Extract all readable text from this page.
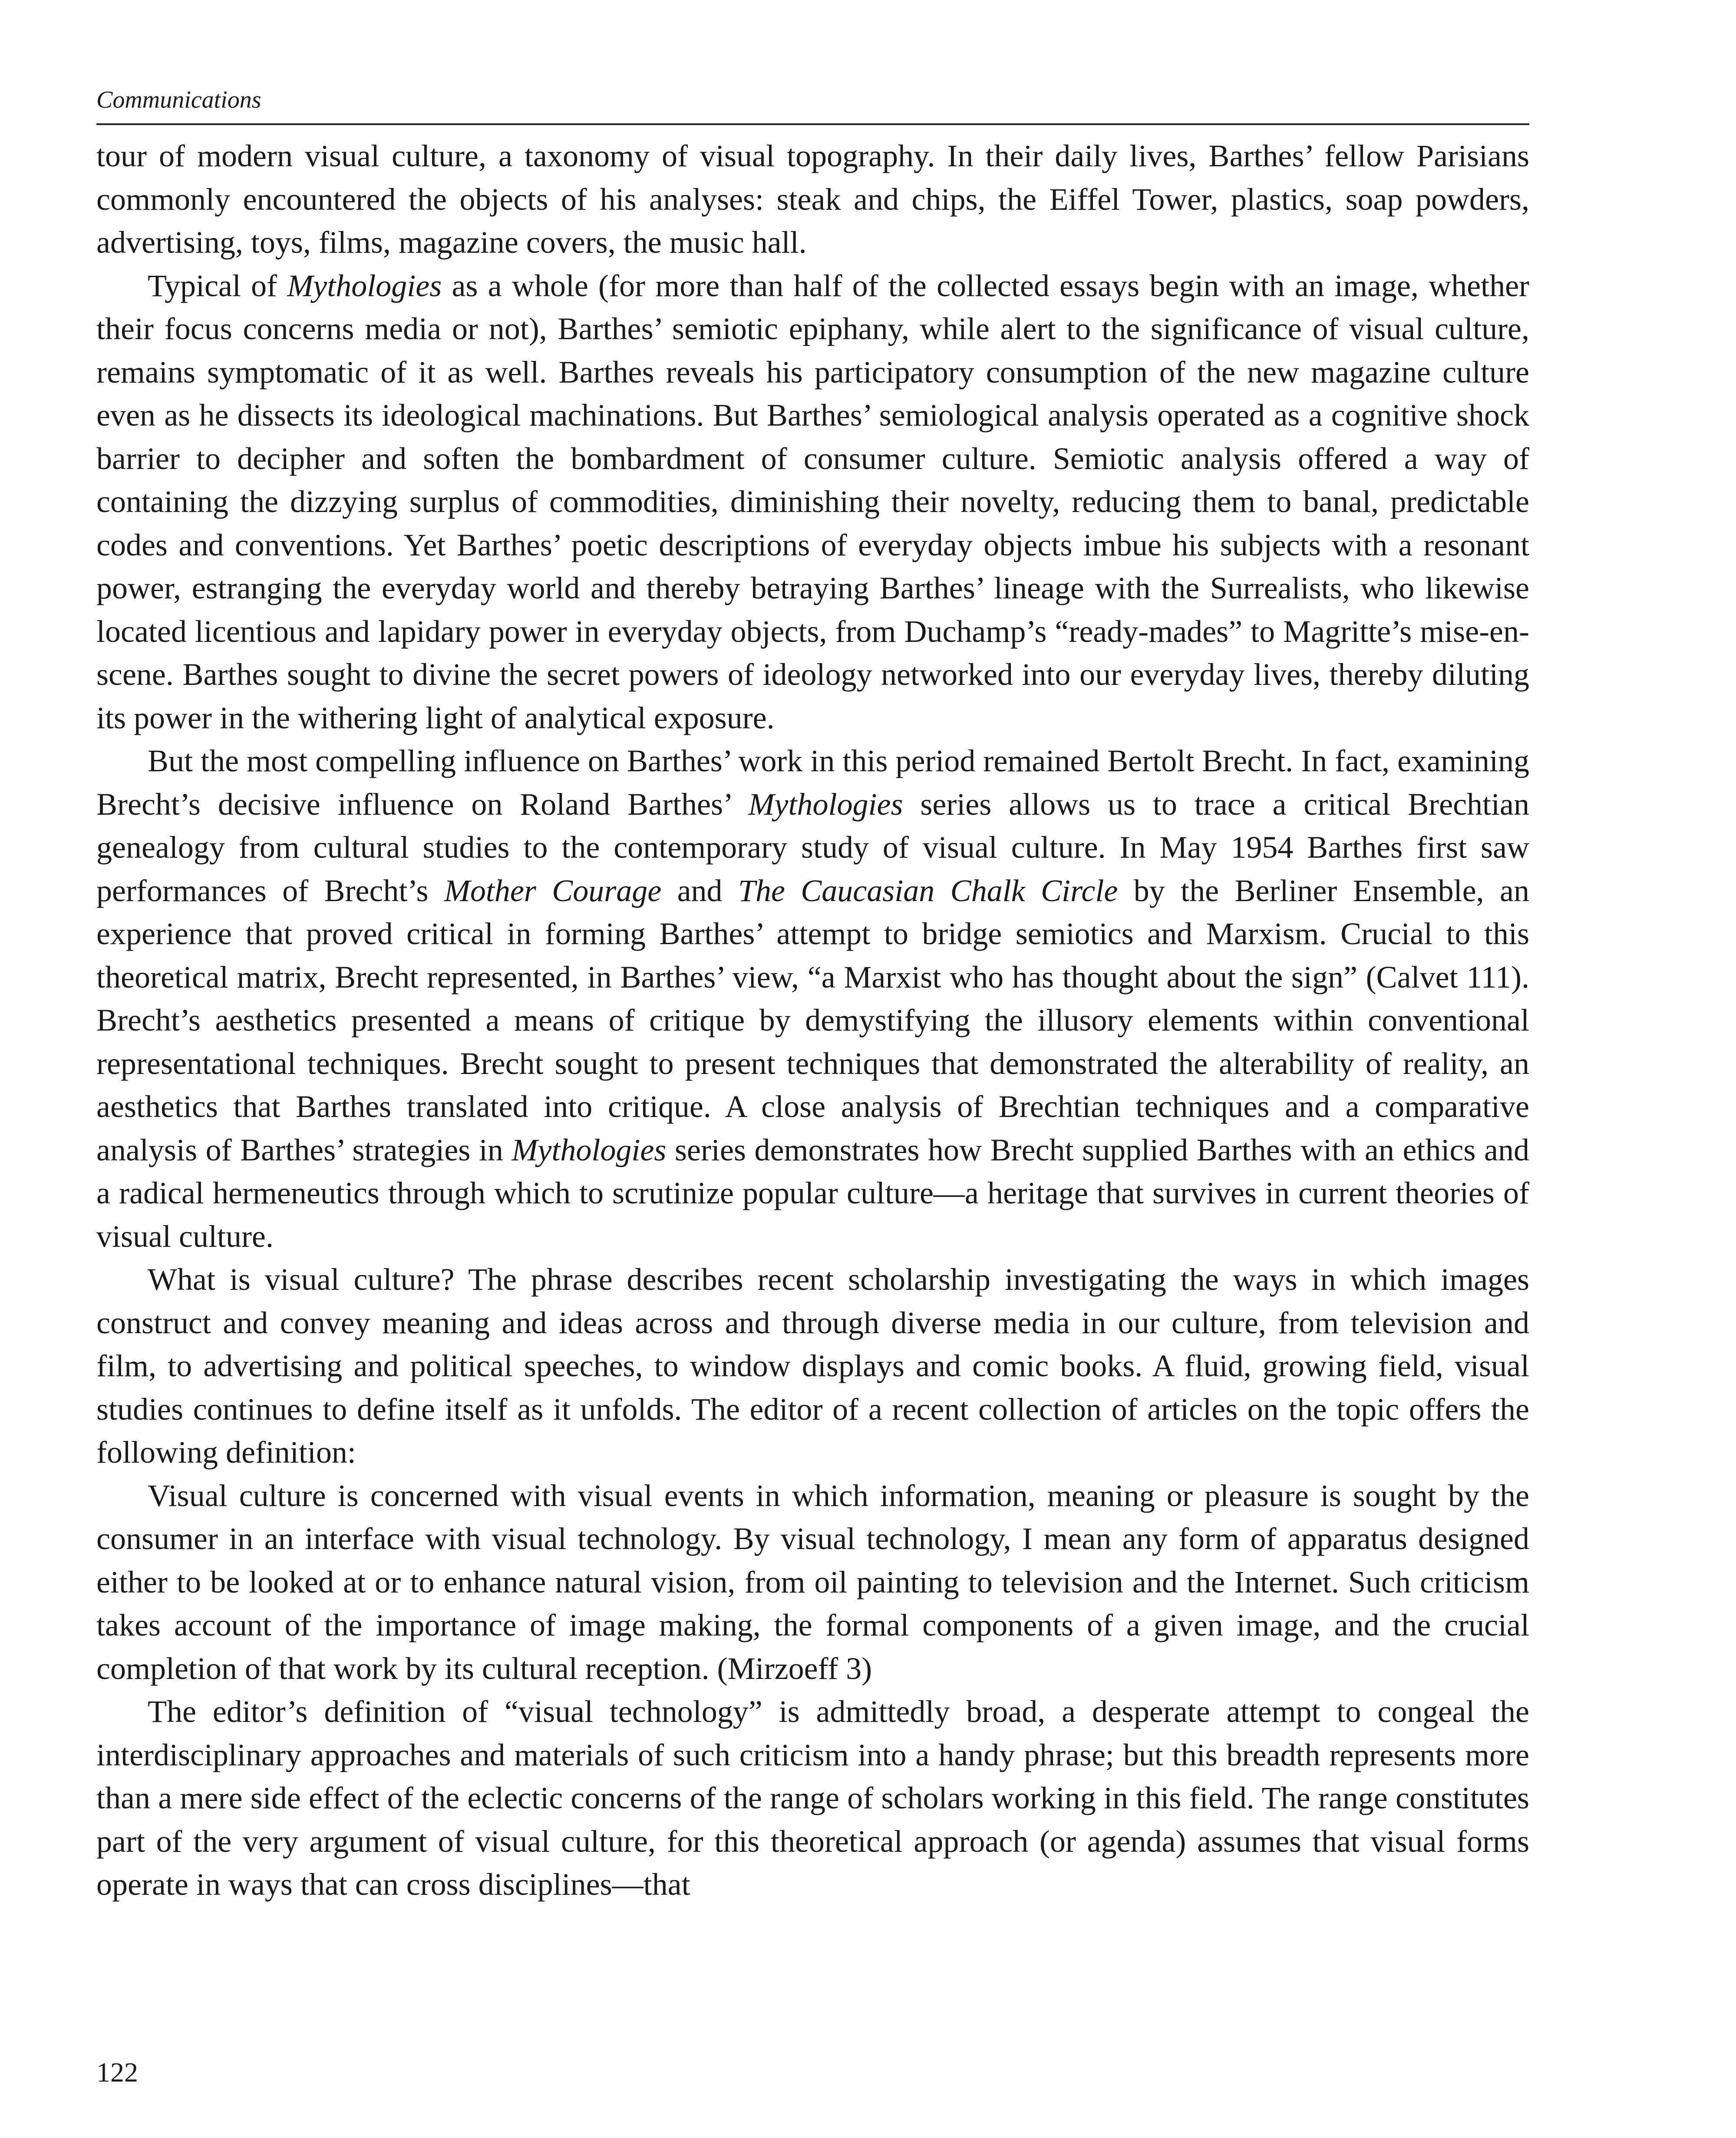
Communications

tour of modern visual culture, a taxonomy of visual topography. In their daily lives, Barthes’ fellow Parisians commonly encountered the objects of his analyses: steak and chips, the Eiffel Tower, plastics, soap powders, advertising, toys, films, magazine covers, the music hall.

Typical of Mythologies as a whole (for more than half of the collected essays begin with an image, whether their focus concerns media or not), Barthes’ semiotic epiphany, while alert to the significance of visual culture, remains symptomatic of it as well. Barthes reveals his participatory consumption of the new magazine culture even as he dissects its ideological machinations. But Barthes’ semiological analysis operated as a cognitive shock barrier to decipher and soften the bombardment of consumer culture. Semiotic analysis offered a way of containing the dizzying surplus of commodities, diminishing their novelty, reducing them to banal, predictable codes and conventions. Yet Barthes’ poetic descriptions of everyday objects imbue his subjects with a resonant power, estranging the everyday world and thereby betraying Barthes’ lineage with the Surrealists, who likewise located licentious and lapidary power in everyday objects, from Duchamp’s “ready-mades” to Magritte’s mise-en-scene. Barthes sought to divine the secret powers of ideology networked into our everyday lives, thereby diluting its power in the withering light of analytical exposure.

But the most compelling influence on Barthes’ work in this period remained Bertolt Brecht. In fact, examining Brecht’s decisive influence on Roland Barthes’ Mythologies series allows us to trace a critical Brechtian genealogy from cultural studies to the contemporary study of visual culture. In May 1954 Barthes first saw performances of Brecht’s Mother Courage and The Caucasian Chalk Circle by the Berliner Ensemble, an experience that proved critical in forming Barthes’ attempt to bridge semiotics and Marxism. Crucial to this theoretical matrix, Brecht represented, in Barthes’ view, “a Marxist who has thought about the sign” (Calvet 111). Brecht’s aesthetics presented a means of critique by demystifying the illusory elements within conventional representational techniques. Brecht sought to present techniques that demonstrated the alterability of reality, an aesthetics that Barthes translated into critique. A close analysis of Brechtian techniques and a comparative analysis of Barthes’ strategies in Mythologies series demonstrates how Brecht supplied Barthes with an ethics and a radical hermeneutics through which to scrutinize popular culture—a heritage that survives in current theories of visual culture.

What is visual culture? The phrase describes recent scholarship investigating the ways in which images construct and convey meaning and ideas across and through diverse media in our culture, from television and film, to advertising and political speeches, to window displays and comic books. A fluid, growing field, visual studies continues to define itself as it unfolds. The editor of a recent collection of articles on the topic offers the following definition:

Visual culture is concerned with visual events in which information, meaning or pleasure is sought by the consumer in an interface with visual technology. By visual technology, I mean any form of apparatus designed either to be looked at or to enhance natural vision, from oil painting to television and the Internet. Such criticism takes account of the importance of image making, the formal components of a given image, and the crucial completion of that work by its cultural reception. (Mirzoeff 3)

The editor’s definition of “visual technology” is admittedly broad, a desperate attempt to congeal the interdisciplinary approaches and materials of such criticism into a handy phrase; but this breadth represents more than a mere side effect of the eclectic concerns of the range of scholars working in this field. The range constitutes part of the very argument of visual culture, for this theoretical approach (or agenda) assumes that visual forms operate in ways that can cross disciplines—that

122
